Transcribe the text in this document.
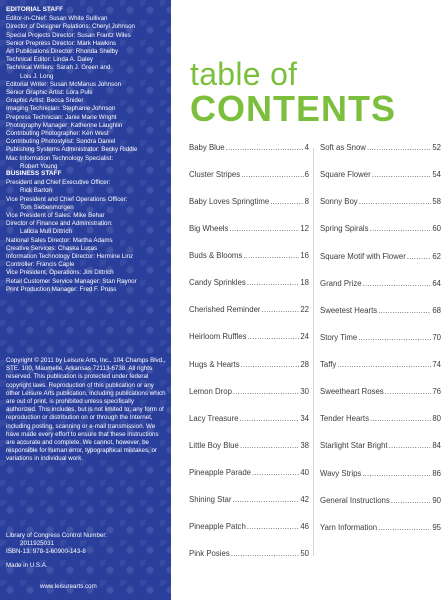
EDITORIAL STAFF
Editor-in-Chief: Susan White Sullivan
Director of Designer Relations: Cheryl Johnson
Special Projects Director: Susan Frantz Wiles
Senior Prepress Director: Mark Hawkins
Art Publications Director: Rhonda Shelby
Technical Editor: Linda A. Daley
Technical Writers: Sarah J. Green and
Lois J. Long
Editorial Writer: Susan McManus Johnson
Senior Graphic Artist: Lora Puls
Graphic Artist: Becca Snider
Imaging Technician: Stephanie Johnson
Prepress Technician: Janie Marie Wright
Photography Manager: Katherine Laughlin
Contributing Photographer: Ken West
Contributing Photostylist: Sondra Daniel
Publishing Systems Administrator: Becky Riddle
Mac Information Technology Specialist:
Robert Young
BUSINESS STAFF
President and Chief Executive Officer:
Rick Barton
Vice President and Chief Operations Officer:
Tom Siebenmorgen
Vice President of Sales: Mike Behar
Director of Finance and Administration:
Laticia Mull Dittrich
National Sales Director: Martha Adams
Creative Services: Chaska Lucas
Information Technology Director: Hermine Linz
Controller: Francis Caple
Vice President, Operations: Jim Dittrich
Retail Customer Service Manager: Stan Raynor
Print Production Manager: Fred F. Pruss
Copyright © 2011 by Leisure Arts, Inc., 104 Champs Blvd., STE. 100, Maumelle, Arkansas 72113-6738. All rights reserved. This publication is protected under federal copyright laws. Reproduction of this publication or any other Leisure Arts publication, including publications which are out of print, is prohibited unless specifically authorized. This includes, but is not limited to, any form of reproduction or distribution on or through the Internet, including posting, scanning or e-mail transmission. We have made every effort to ensure that these instructions are accurate and complete. We cannot, however, be responsible for human error, typographical mistakes, or variations in individual work.
Library of Congress Control Number:
2011925031
ISBN-13: 978-1-60900-143-8
Made in U.S.A.
www.leisurearts.com
table of
CONTENTS
Baby Blue .....	4
Cluster Stripes .....	6
Baby Loves Springtime .....	8
Big Wheels .....	12
Buds & Blooms .....	16
Candy Sprinkles .....	18
Cherished Reminder .....	22
Heirloom Ruffles .....	24
Hugs & Hearts .....	28
Lemon Drop .....	30
Lacy Treasure .....	34
Little Boy Blue .....	38
Pineapple Parade .....	40
Shining Star .....	42
Pineapple Patch .....	46
Pink Posies .....	50
Soft as Snow .....	52
Square Flower .....	54
Sonny Boy .....	58
Spring Spirals .....	60
Square Motif with Flower .....	62
Grand Prize .....	64
Sweetest Hearts .....	68
Story Time .....	70
Taffy .....	74
Sweetheart Roses .....	76
Tender Hearts .....	80
Starlight Star Bright .....	84
Wavy Strips .....	86
General Instructions .....	90
Yarn Information .....	95
